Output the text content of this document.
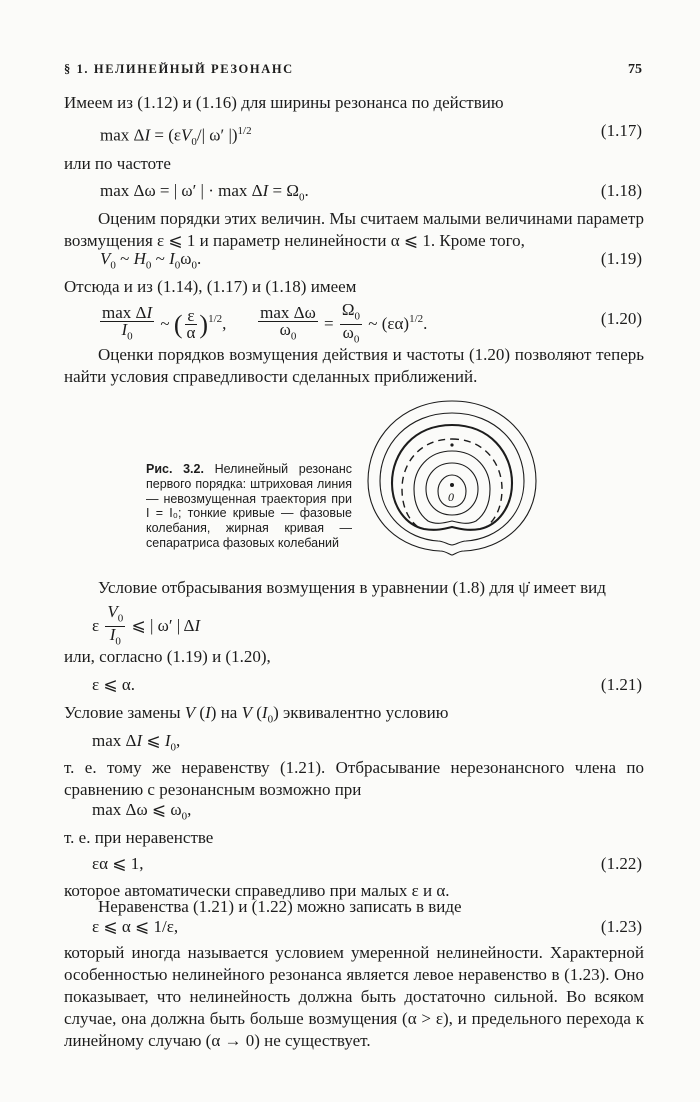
§ 1. НЕЛИНЕЙНЫЙ РЕЗОНАНС	75
Имеем из (1.12) и (1.16) для ширины резонанса по действию
$\max \Delta I = (\varepsilon V_0/|$ ω′ |)$^{1/2}$	(1.17)
или по частоте
max Δω = | ω′ | · $\max \Delta I = \Omega_0$.	(1.18)
Оценим порядки этих величин. Мы считаем малыми величинами параметр возмущения ε ⩽ 1 и параметр нелинейности α ⩽ 1. Кроме того,
$V_0$ ~ $H_0$ ~ $I_0\omega_0$.	(1.19)
Отсюда и из (1.14), (1.17) и (1.18) имеем
$\frac{\text{max ΔI}}{I_0}$ ~ ( $\frac{\varepsilon}{\alpha} )^{1/2}$, $\frac{\text{max Δω}}{\omega_0} = \frac{\Omega_0}{\omega_0}$ ~ $(\varepsilon\alpha)^{1/2}$.	(1.20)
Оценки порядков возмущения действия и частоты (1.20) позволяют теперь найти условия справедливости сделанных приближений.
Рис. 3.2. Нелинейный резонанс первого порядка: штриховая линия — невозмущенная траектория при I = I₀; тонкие кривые — фазовые колебания, жирная кривая — сепаратриса фазовых колебаний
0
Условие отбрасывания возмущения в уравнении (1.8) для ψ̇ имеет вид
ε $\frac{V_0}{I_0}$ ⩽ | ω′ | ΔI
или, согласно (1.19) и (1.20),
ε ⩽ α.	(1.21)
Условие замены V (I) на V $(I_0)$ эквивалентно условию
max ΔI ⩽ $I_0$,
т. е. тому же неравенству (1.21). Отбрасывание нерезонансного члена по сравнению с резонансным возможно при
max Δω ⩽ $\omega_0$,
т. е. при неравенстве
εα ⩽ 1,	(1.22)
которое автоматически справедливо при малых ε и α.
Неравенства (1.21) и (1.22) можно записать в виде
ε ⩽ α ⩽ 1/ε,	(1.23)
который иногда называется условием умеренной нелинейности. Характерной особенностью нелинейного резонанса является левое неравенство в (1.23). Оно показывает, что нелинейность должна быть достаточно сильной. Во всяком случае, она должна быть больше возмущения (α > ε), и предельного перехода к линейному случаю (α → 0) не существует.
